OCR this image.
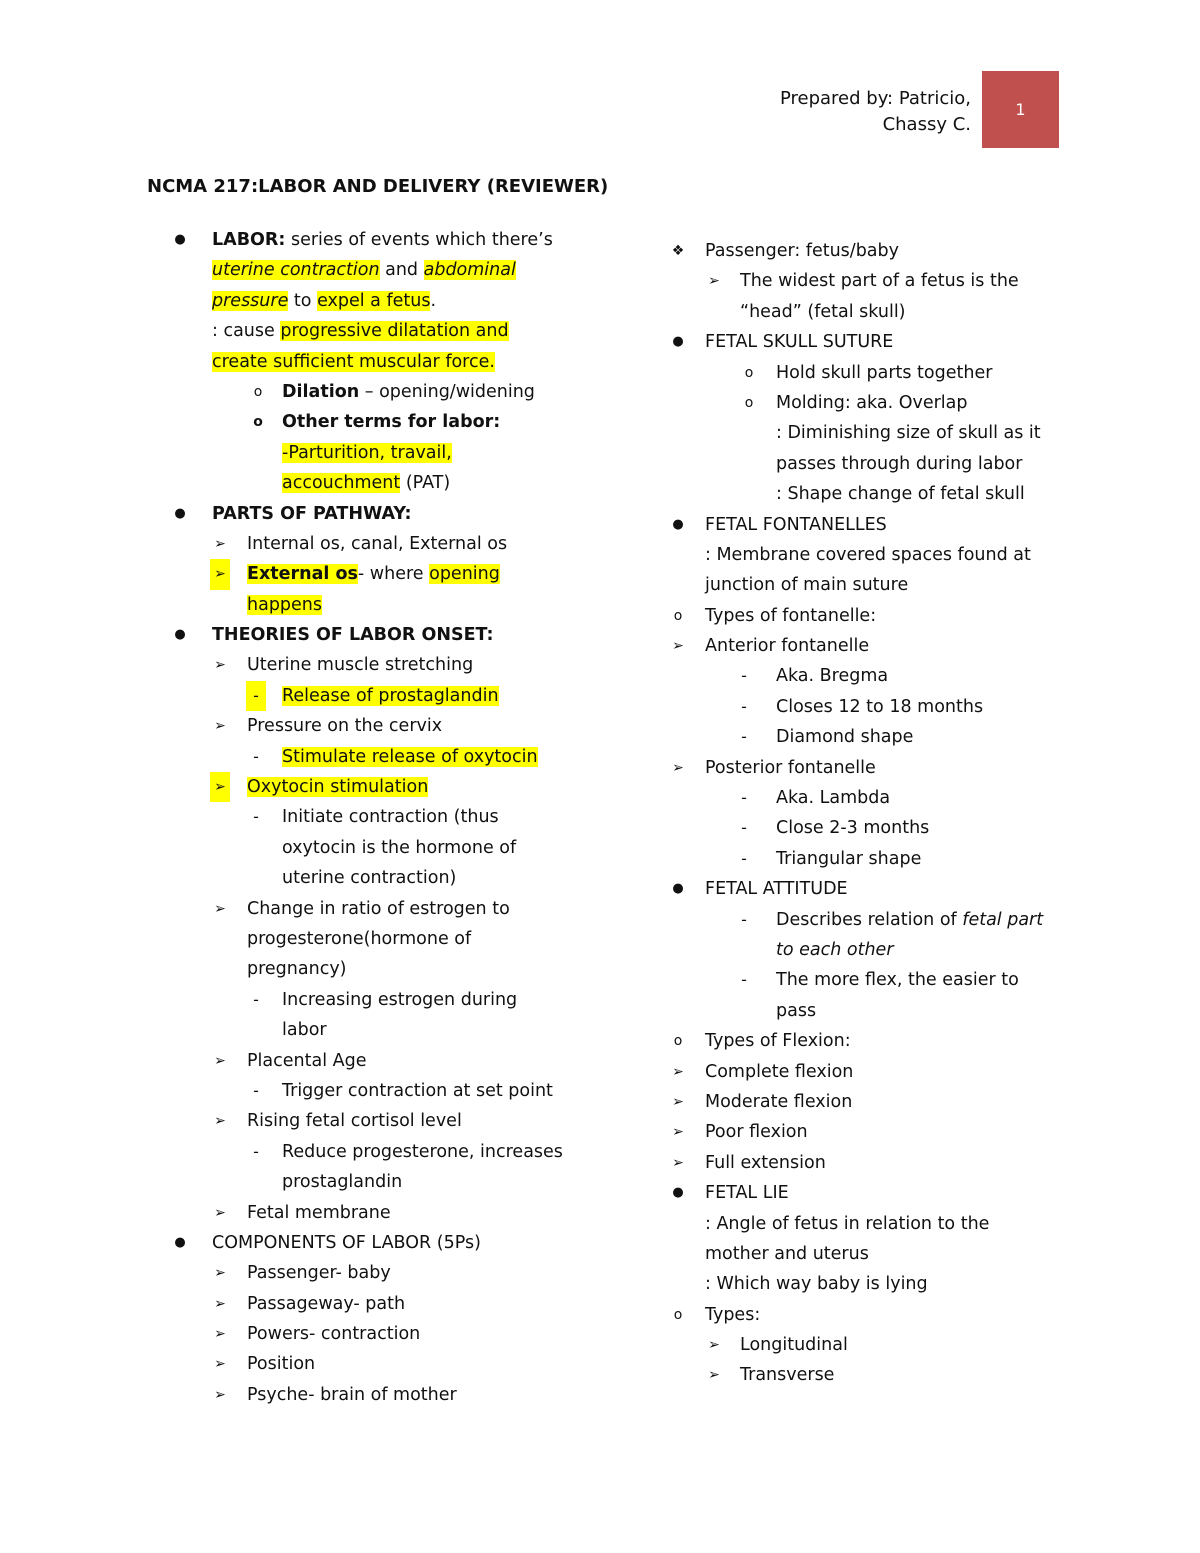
1
Prepared by: Patricio,
Chassy C.
NCMA 217:LABOR AND DELIVERY (REVIEWER)
● LABOR: series of events which there’s
uterine contraction and abdominal
pressure to expel a fetus.
: cause progressive dilatation and
create sufficient muscular force.
o	Dilation – opening/widening
o Other terms for labor:
-Parturition, travail,
accouchment (PAT)
● PARTS OF PATHWAY:
➢ Internal os, canal, External os
➢ External os- where opening
happens
● THEORIES OF LABOR ONSET:
➢ Uterine muscle stretching
-	Release of prostaglandin
➢ Pressure on the cervix
-	Stimulate release of oxytocin
➢ Oxytocin stimulation
-	Initiate contraction (thus
oxytocin is the hormone of
uterine contraction)
➢ Change in ratio of estrogen to
progesterone(hormone of
pregnancy)
-	Increasing estrogen during
labor
➢ Placental Age
-	Trigger contraction at set point
➢ Rising fetal cortisol level
-	Reduce progesterone, increases
prostaglandin
➢ Fetal membrane
● COMPONENTS OF LABOR (5Ps)
➢ Passenger- baby
➢ Passageway- path
➢ Powers- contraction
➢ Position
➢ Psyche- brain of mother
❖ Passenger: fetus/baby
➢ The widest part of a fetus is the
“head” (fetal skull)
● FETAL SKULL SUTURE
o	Hold skull parts together
o	Molding: aka. Overlap
: Diminishing size of skull as it
passes through during labor
: Shape change of fetal skull
● FETAL FONTANELLES
: Membrane covered spaces found at
junction of main suture
o	Types of fontanelle:
➢ Anterior fontanelle
-	Aka. Bregma
-	Closes 12 to 18 months
-	Diamond shape
➢ Posterior fontanelle
-	Aka. Lambda
-	Close 2-3 months
-	Triangular shape
● FETAL ATTITUDE
-	Describes relation of fetal part
to each other
-	The more flex, the easier to
pass
o	Types of Flexion:
➢ Complete flexion
➢ Moderate flexion
➢ Poor flexion
➢ Full extension
● FETAL LIE
: Angle of fetus in relation to the
mother and uterus
: Which way baby is lying
o	Types:
➢ Longitudinal
➢ Transverse
